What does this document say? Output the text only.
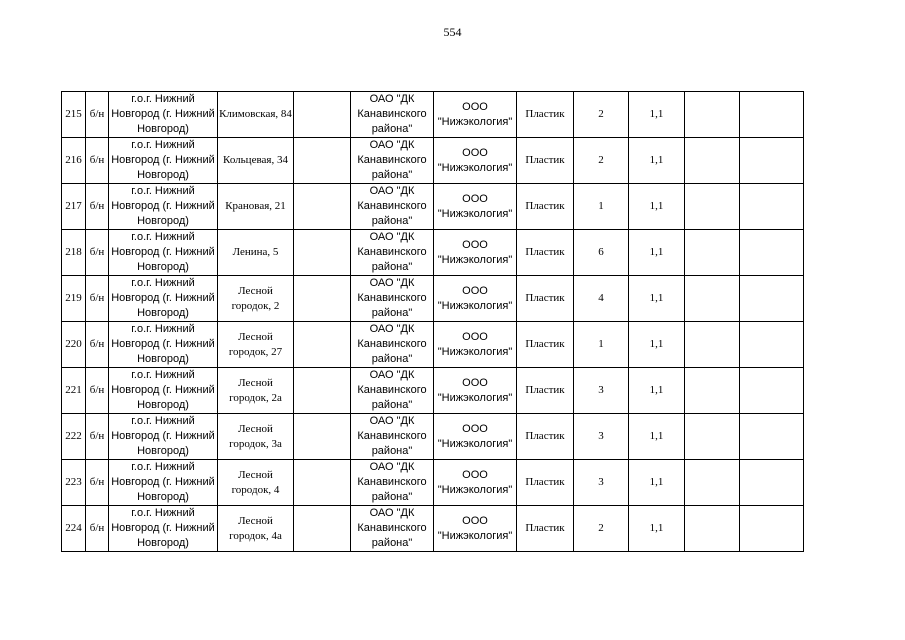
554
215	б/н	г.о.г. Нижний Новгород (г. Нижний Новгород)	Климовская, 84		ОАО "ДК Канавинского района"	ООО "Нижэкология"	Пластик	2	1,1		
216	б/н	г.о.г. Нижний Новгород (г. Нижний Новгород)	Кольцевая, 34		ОАО "ДК Канавинского района"	ООО "Нижэкология"	Пластик	2	1,1		
217	б/н	г.о.г. Нижний Новгород (г. Нижний Новгород)	Крановая, 21		ОАО "ДК Канавинского района"	ООО "Нижэкология"	Пластик	1	1,1		
218	б/н	г.о.г. Нижний Новгород (г. Нижний Новгород)	Ленина, 5		ОАО "ДК Канавинского района"	ООО "Нижэкология"	Пластик	6	1,1		
219	б/н	г.о.г. Нижний Новгород (г. Нижний Новгород)	Лесной городок, 2		ОАО "ДК Канавинского района"	ООО "Нижэкология"	Пластик	4	1,1		
220	б/н	г.о.г. Нижний Новгород (г. Нижний Новгород)	Лесной городок, 27		ОАО "ДК Канавинского района"	ООО "Нижэкология"	Пластик	1	1,1		
221	б/н	г.о.г. Нижний Новгород (г. Нижний Новгород)	Лесной городок, 2а		ОАО "ДК Канавинского района"	ООО "Нижэкология"	Пластик	3	1,1		
222	б/н	г.о.г. Нижний Новгород (г. Нижний Новгород)	Лесной городок, 3а		ОАО "ДК Канавинского района"	ООО "Нижэкология"	Пластик	3	1,1		
223	б/н	г.о.г. Нижний Новгород (г. Нижний Новгород)	Лесной городок, 4		ОАО "ДК Канавинского района"	ООО "Нижэкология"	Пластик	3	1,1		
224	б/н	г.о.г. Нижний Новгород (г. Нижний Новгород)	Лесной городок, 4а		ОАО "ДК Канавинского района"	ООО "Нижэкология"	Пластик	2	1,1		
